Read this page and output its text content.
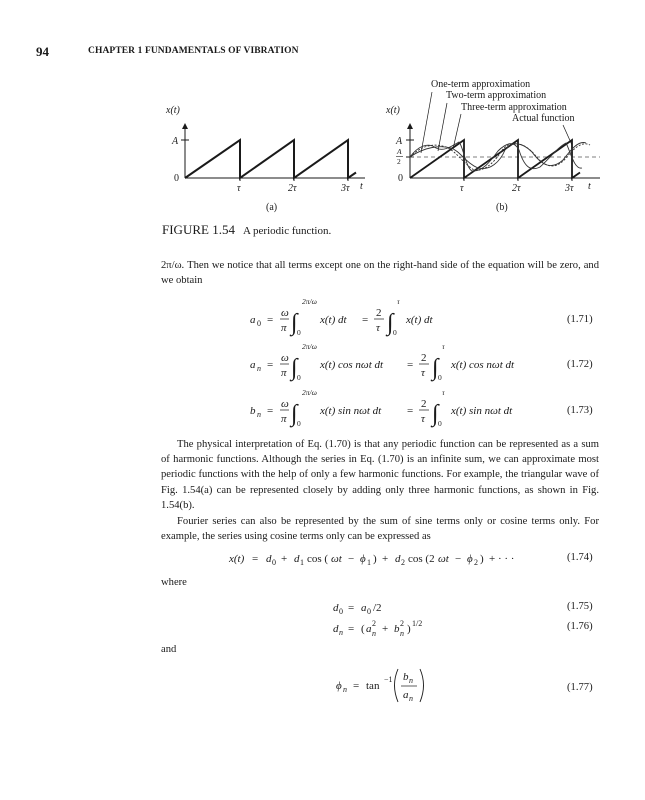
94	CHAPTER 1 FUNDAMENTALS OF VIBRATION
x(t)
A
0
τ	2τ	3τ t
(a)
One-term approximation
Two-term approximation
Three-term approximation
Actual function
x(t)
A
A
2
0
τ	2τ	3τ t
(b)
FIGURE 1.54 A periodic function.
2π/ω. Then we notice that all terms except one on the right-hand side of the equation will be zero, and we obtain
a 0 =
ω
π ∫
2π/ω
0
x(t) dt =
2
τ ∫
τ
0
x(t) dt
a n =
ω
π ∫
2π/ω
0
x(t) cos nωt dt =
2
τ ∫
τ
0
x(t) cos nωt dt
b n =
ω
π ∫
2π/ω
0
x(t) sin nωt dt =
2
τ ∫
τ
0
x(t) sin nωt dt
(1.71)
(1.72)
(1.73)
The physical interpretation of Eq. (1.70) is that any periodic function can be represented as a sum of harmonic functions. Although the series in Eq. (1.70) is an infinite sum, we can approximate most periodic functions with the help of only a few harmonic functions. For example, the triangular wave of Fig. 1.54(a) can be represented closely by adding only three harmonic functions, as shown in Fig. 1.54(b).
Fourier series can also be represented by the sum of sine terms only or cosine terms only. For example, the series using cosine terms only can be expressed as
x(t) = d 0 + d 1 cos ( ωt − ϕ 1 ) + d 2 cos (2 ωt − ϕ 2 ) + · · ·	(1.74)
where
d 0 = a 0 /2
d n = ( a 2
n + b 2
n ) 1/2
(1.75)
(1.76)
and
ϕ n = tan
−1 b n
a n
(1.77)
